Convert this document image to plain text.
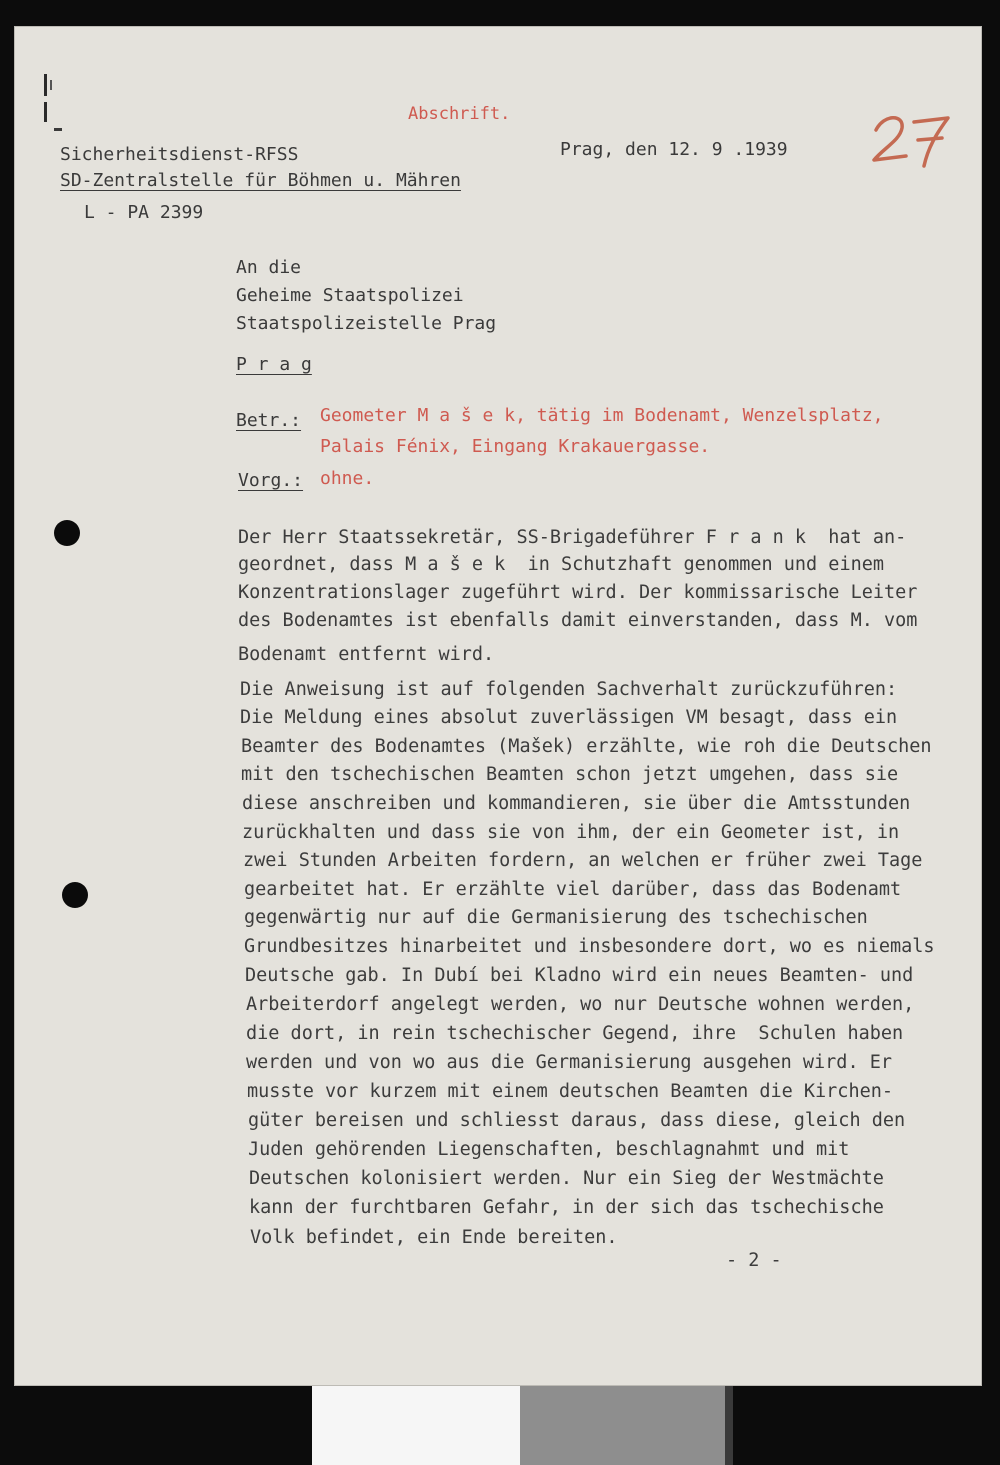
Abschrift.
Sicherheitsdienst-RFSS
SD-Zentralstelle für Böhmen u. Mähren
L - PA 2399
Prag, den 12. 9 .1939
An die
Geheime Staatspolizei
Staatspolizeistelle Prag
P r a g
Betr.: Geometer M a š e k, tätig im Bodenamt, Wenzelsplatz,
Palais Fénix, Eingang Krakauergasse.
Vorg.: ohne.
Der Herr Staatssekretär, SS-Brigadeführer F r a n k  hat an-
geordnet, dass M a š e k  in Schutzhaft genommen und einem
Konzentrationslager zugeführt wird. Der kommissarische Leiter
des Bodenamtes ist ebenfalls damit einverstanden, dass M. vom
Bodenamt entfernt wird.
Die Anweisung ist auf folgenden Sachverhalt zurückzuführen:
Die Meldung eines absolut zuverlässigen VM besagt, dass ein
Beamter des Bodenamtes (Mašek) erzählte, wie roh die Deutschen
mit den tschechischen Beamten schon jetzt umgehen, dass sie
diese anschreiben und kommandieren, sie über die Amtsstunden
zurückhalten und dass sie von ihm, der ein Geometer ist, in
zwei Stunden Arbeiten fordern, an welchen er früher zwei Tage
gearbeitet hat. Er erzählte viel darüber, dass das Bodenamt
gegenwärtig nur auf die Germanisierung des tschechischen
Grundbesitzes hinarbeitet und insbesondere dort, wo es niemals
Deutsche gab. In Dubí bei Kladno wird ein neues Beamten- und
Arbeiterdorf angelegt werden, wo nur Deutsche wohnen werden,
die dort, in rein tschechischer Gegend, ihre  Schulen haben
werden und von wo aus die Germanisierung ausgehen wird. Er
musste vor kurzem mit einem deutschen Beamten die Kirchen-
güter bereisen und schliesst daraus, dass diese, gleich den
Juden gehörenden Liegenschaften, beschlagnahmt und mit
Deutschen kolonisiert werden. Nur ein Sieg der Westmächte
kann der furchtbaren Gefahr, in der sich das tschechische
Volk befindet, ein Ende bereiten.
- 2 -
